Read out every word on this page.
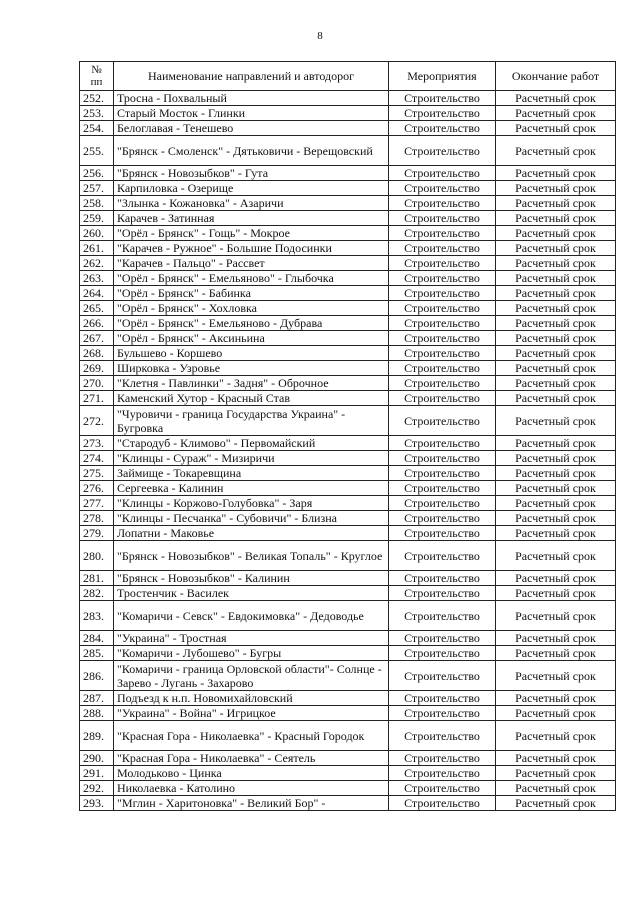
8
№
пп	Наименование направлений и автодорог	Мероприятия	Окончание работ
252.	Тросна - Похвальный	Строительство	Расчетный срок
253.	Старый Мосток - Глинки	Строительство	Расчетный срок
254.	Белоглавая - Тенешево	Строительство	Расчетный срок
255.	"Брянск - Смоленск" - Дятьковичи - Верещовский	Строительство	Расчетный срок
256.	"Брянск - Новозыбков" - Гута	Строительство	Расчетный срок
257.	Карпиловка - Озерище	Строительство	Расчетный срок
258.	"Злынка - Кожановка" - Азаричи	Строительство	Расчетный срок
259.	Карачев - Затинная	Строительство	Расчетный срок
260.	"Орёл - Брянск" - Гощь" - Мокрое	Строительство	Расчетный срок
261.	"Карачев - Ружное" - Большие Подосинки	Строительство	Расчетный срок
262.	"Карачев - Пальцо" - Рассвет	Строительство	Расчетный срок
263.	"Орёл - Брянск" - Емельяново" - Глыбочка	Строительство	Расчетный срок
264.	"Орёл - Брянск" - Бабинка	Строительство	Расчетный срок
265.	"Орёл - Брянск" - Хохловка	Строительство	Расчетный срок
266.	"Орёл - Брянск" - Емельяново - Дубрава	Строительство	Расчетный срок
267.	"Орёл - Брянск" - Аксиньина	Строительство	Расчетный срок
268.	Бульшево - Коршево	Строительство	Расчетный срок
269.	Ширковка - Узровье	Строительство	Расчетный срок
270.	"Клетня - Павлинки" - Задня" - Оброчное	Строительство	Расчетный срок
271.	Каменский Хутор - Красный Став	Строительство	Расчетный срок
272.	"Чуровичи - граница Государства Украина" - Бугровка	Строительство	Расчетный срок
273.	"Стародуб - Климово" - Первомайский	Строительство	Расчетный срок
274.	"Клинцы - Сураж" - Мизиричи	Строительство	Расчетный срок
275.	Займище - Токаревщина	Строительство	Расчетный срок
276.	Сергеевка - Калинин	Строительство	Расчетный срок
277.	"Клинцы - Коржово-Голубовка" - Заря	Строительство	Расчетный срок
278.	"Клинцы - Песчанка" - Субовичи" - Близна	Строительство	Расчетный срок
279.	Лопатни - Маковье	Строительство	Расчетный срок
280.	"Брянск - Новозыбков" - Великая Топаль" - Круглое	Строительство	Расчетный срок
281.	"Брянск - Новозыбков" - Калинин	Строительство	Расчетный срок
282.	Тростенчик - Василек	Строительство	Расчетный срок
283.	"Комаричи - Севск" - Евдокимовка" - Дедоводье	Строительство	Расчетный срок
284.	"Украина" - Тростная	Строительство	Расчетный срок
285.	"Комаричи - Лубошево" - Бугры	Строительство	Расчетный срок
286.	"Комаричи - граница Орловской области"- Солнце - Зарево - Лугань - Захарово	Строительство	Расчетный срок
287.	Подъезд к н.п. Новомихайловский	Строительство	Расчетный срок
288.	"Украина" - Война" - Игрицкое	Строительство	Расчетный срок
289.	"Красная Гора - Николаевка" - Красный Городок	Строительство	Расчетный срок
290.	"Красная Гора - Николаевка" - Сеятель	Строительство	Расчетный срок
291.	Молодьково - Цинка	Строительство	Расчетный срок
292.	Николаевка - Католино	Строительство	Расчетный срок
293.	"Мглин - Харитоновка" - Великий Бор" -	Строительство	Расчетный срок
